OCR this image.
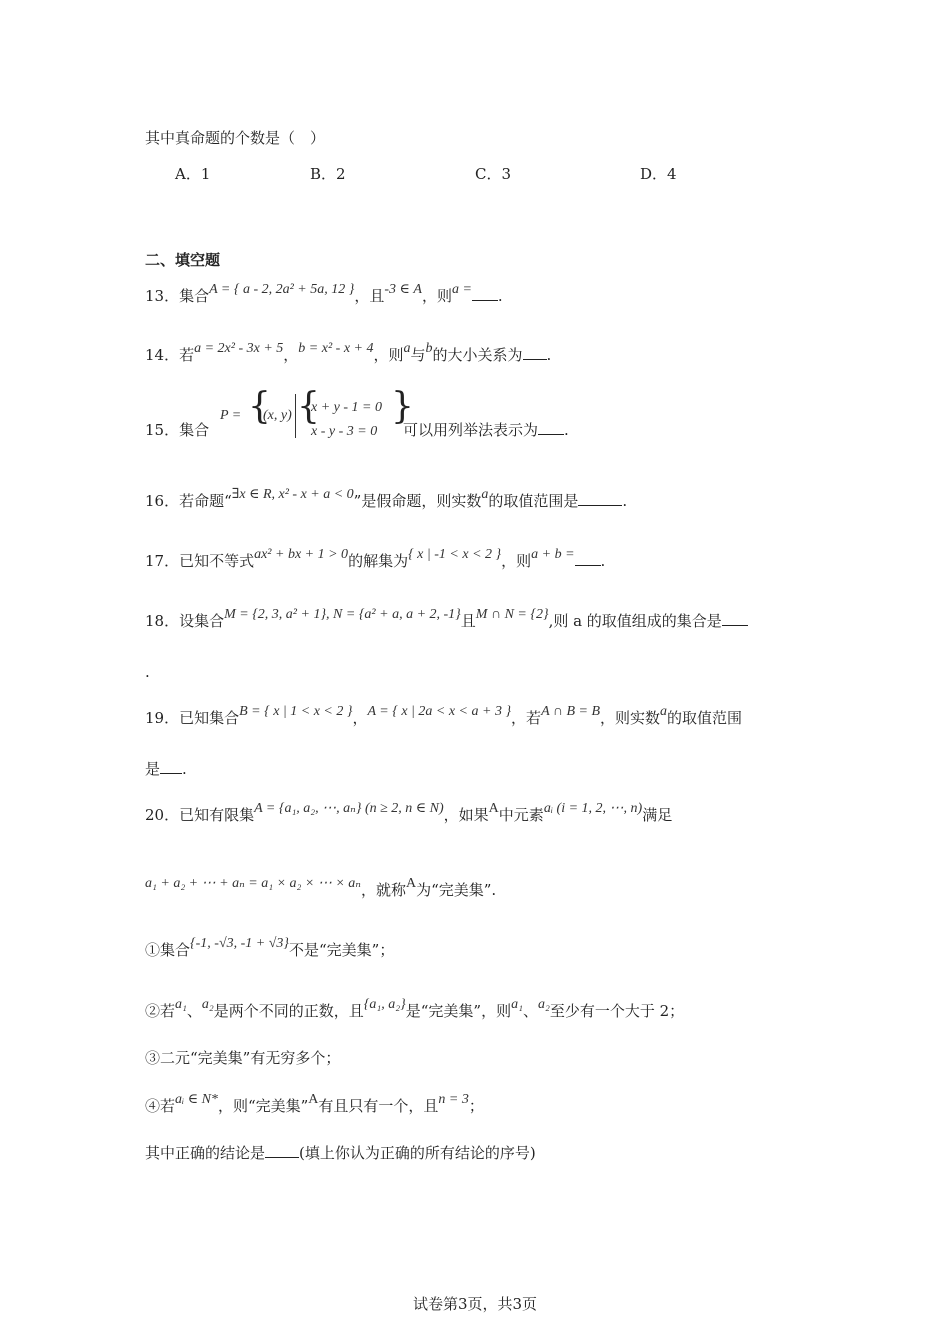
其中真命题的个数是（　）
A．1	B．2	C．3	D．4
二、填空题
13．集合A = { a - 2, 2a² + 5a, 12 }，且-3 ∈ A，则a = .
14．若a = 2x² - 3x + 5，b = x² - x + 4，则a与b的大小关系为 .
15．集合
P = {
(x, y) {
x + y - 1 = 0
x - y - 3 = 0
}
可以用列举法表示为 .
16．若命题“∃x ∈ R, x² - x + a < 0”是假命题，则实数a的取值范围是	.
17．已知不等式ax² + bx + 1 > 0的解集为{ x | -1 < x < 2 }，则a + b = .
18．设集合M = {2, 3, a² + 1}, N = {a² + a, a + 2, -1}且M ∩ N = {2},则 a 的取值组成的集合是
.
19．已知集合B = { x | 1 < x < 2 }，A = { x | 2a < x < a + 3 }，若A ∩ B = B，则实数a的取值范围
是 .
20．已知有限集A = {a₁, a₂, ⋯, aₙ} (n ≥ 2, n ∈ N)，如果A中元素aᵢ (i = 1, 2, ⋯, n)满足
a₁ + a₂ + ⋯ + aₙ = a₁ × a₂ × ⋯ × aₙ，就称A为“完美集”.
①集合{-1, -√3, -1 + √3}不是“完美集”；
②若a₁、a₂是两个不同的正数，且{a₁, a₂}是“完美集”，则a₁、a₂至少有一个大于 2；
③二元“完美集”有无穷多个；
④若aᵢ ∈ N*，则“完美集”A有且只有一个，且n = 3；
其中正确的结论是 (填上你认为正确的所有结论的序号)
试卷第3页，共3页
